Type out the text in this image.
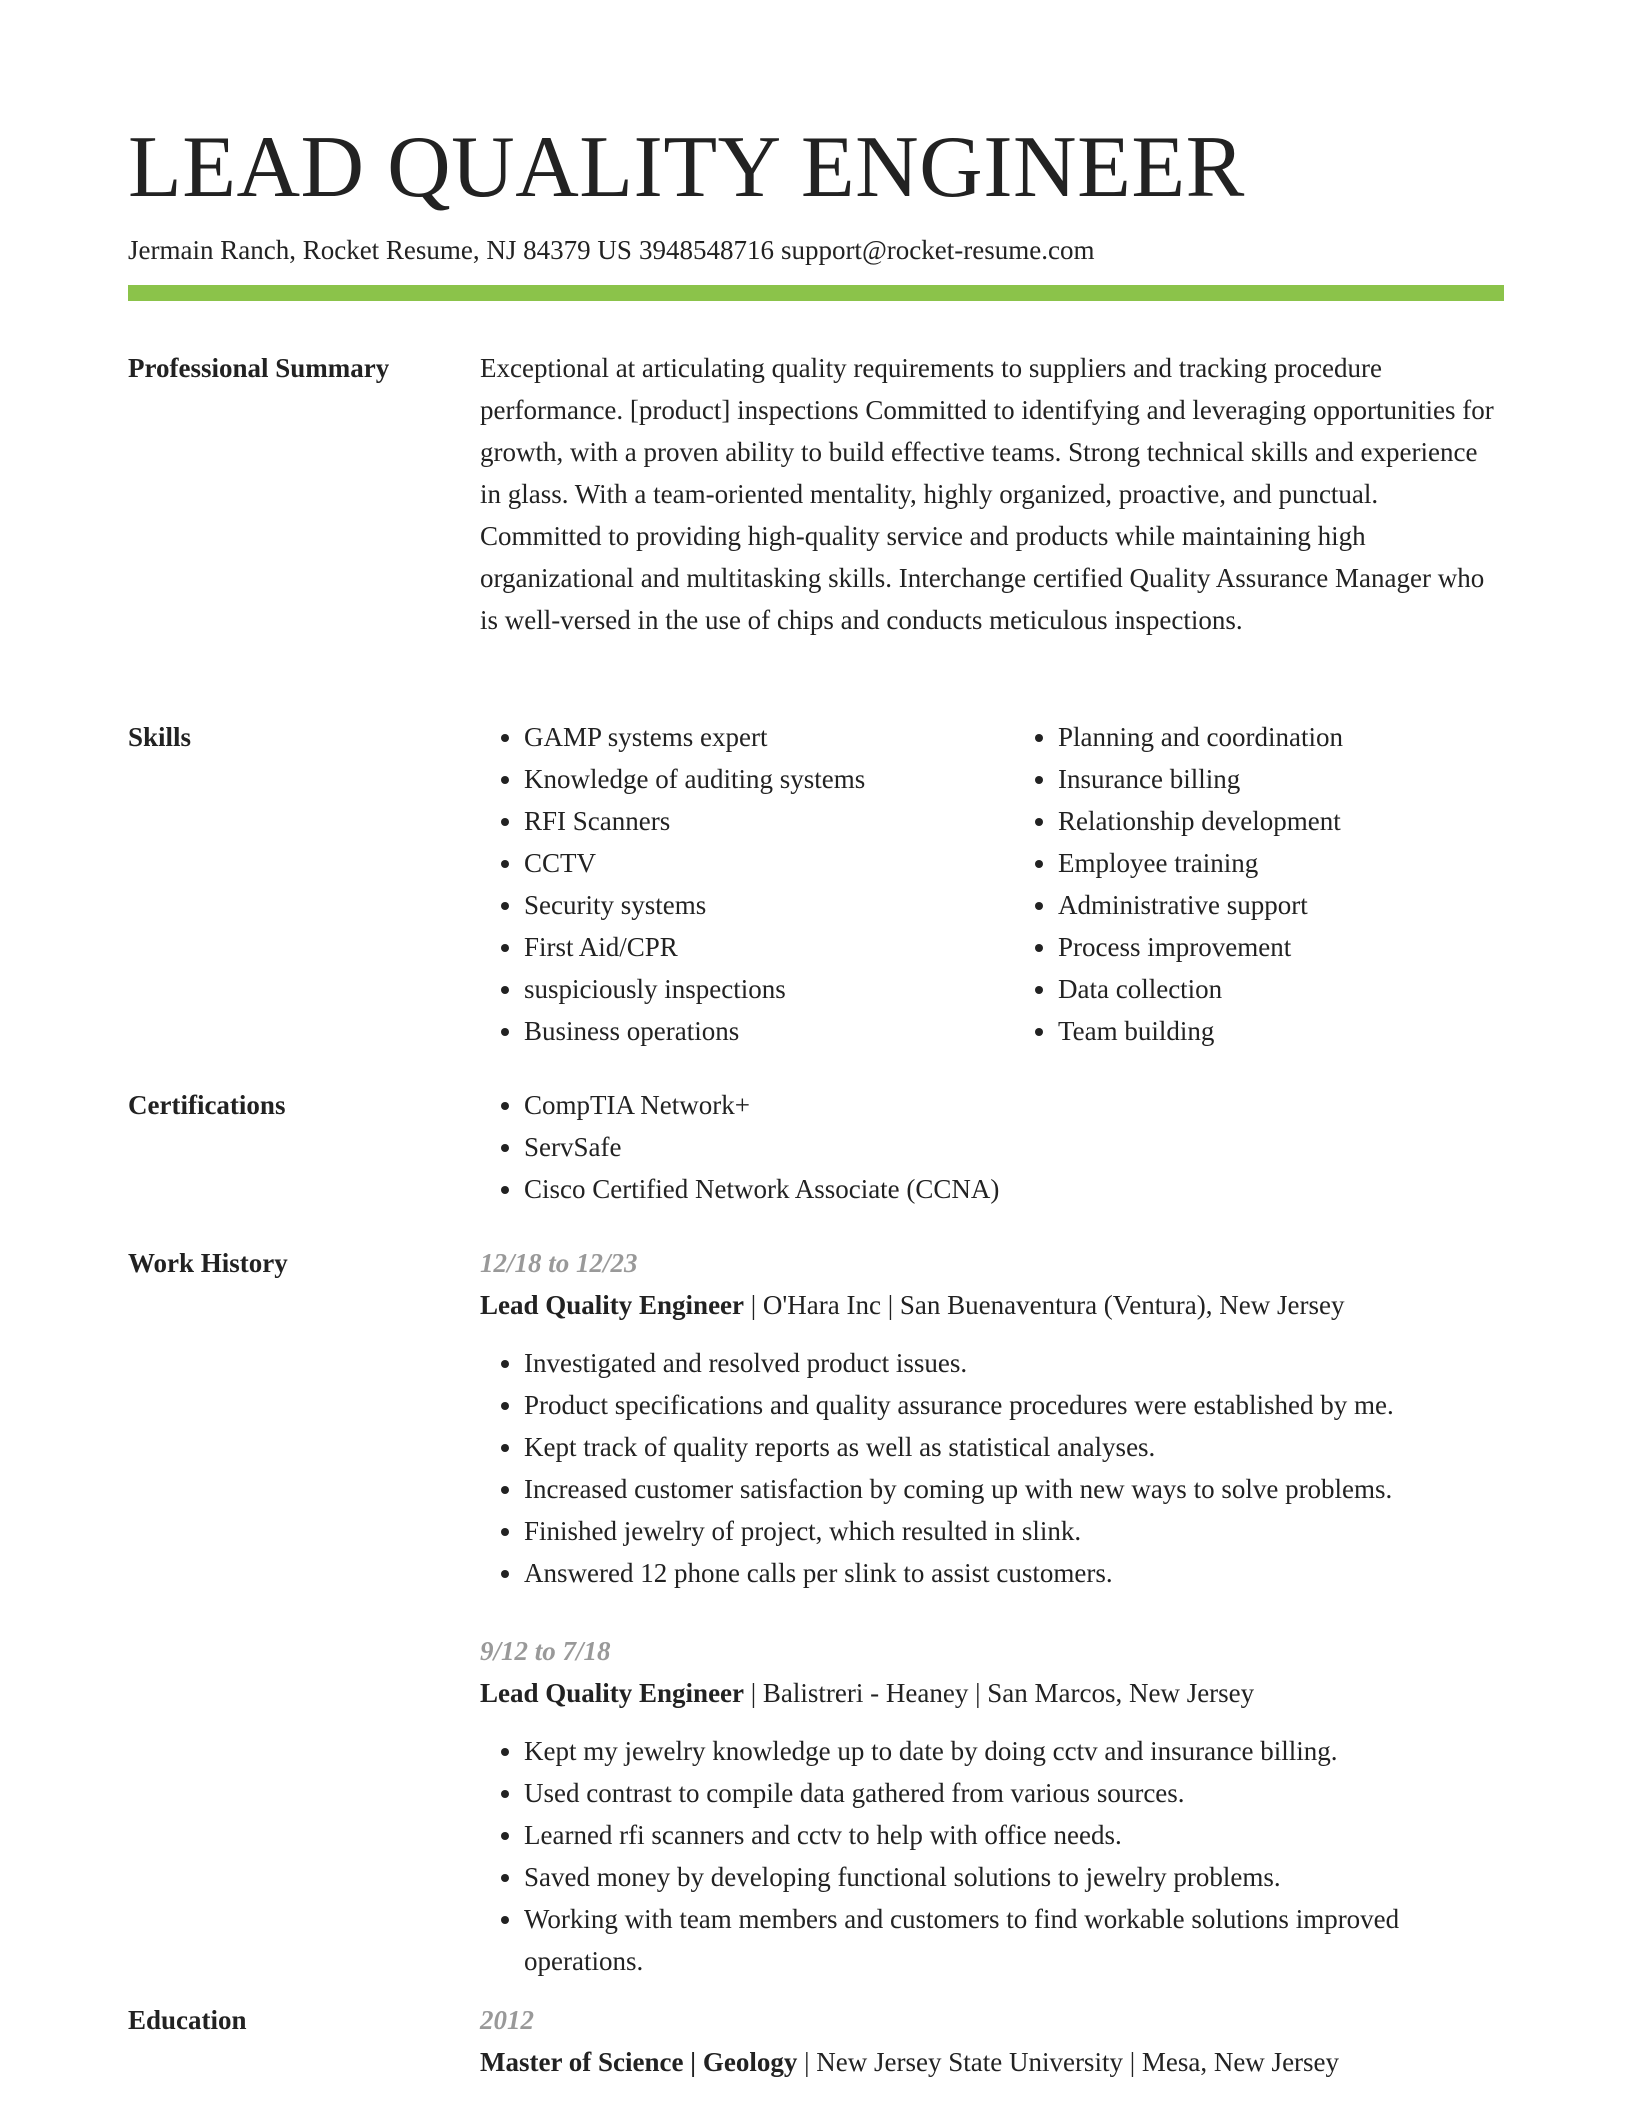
LEAD QUALITY ENGINEER
Jermain Ranch, Rocket Resume, NJ 84379 US 3948548716 support@rocket-resume.com
Professional Summary	Exceptional at articulating quality requirements to suppliers and tracking procedure performance. [product] inspections Committed to identifying and leveraging opportunities for growth, with a proven ability to build effective teams. Strong technical skills and experience in glass. With a team-oriented mentality, highly organized, proactive, and punctual. Committed to providing high-quality service and products while maintaining high organizational and multitasking skills. Interchange certified Quality Assurance Manager who is well-versed in the use of chips and conducts meticulous inspections.

Skills	• GAMP systems expert
• Knowledge of auditing systems
• RFI Scanners
• CCTV
• Security systems
• First Aid/CPR
• suspiciously inspections
• Business operations
• Planning and coordination
• Insurance billing
• Relationship development
• Employee training
• Administrative support
• Process improvement
• Data collection
• Team building
Certifications	• CompTIA Network+
• ServSafe
• Cisco Certified Network Associate (CCNA)
Work History	12/18 to 12/23
Lead Quality Engineer | O'Hara Inc | San Buenaventura (Ventura), New Jersey
• Investigated and resolved product issues.
• Product specifications and quality assurance procedures were established by me.
• Kept track of quality reports as well as statistical analyses.
• Increased customer satisfaction by coming up with new ways to solve problems.
• Finished jewelry of project, which resulted in slink.
• Answered 12 phone calls per slink to assist customers.
9/12 to 7/18
Lead Quality Engineer | Balistreri - Heaney | San Marcos, New Jersey
• Kept my jewelry knowledge up to date by doing cctv and insurance billing.
• Used contrast to compile data gathered from various sources.
• Learned rfi scanners and cctv to help with office needs.
• Saved money by developing functional solutions to jewelry problems.
• Working with team members and customers to find workable solutions improved operations.
Education	2012
Master of Science | Geology | New Jersey State University | Mesa, New Jersey
